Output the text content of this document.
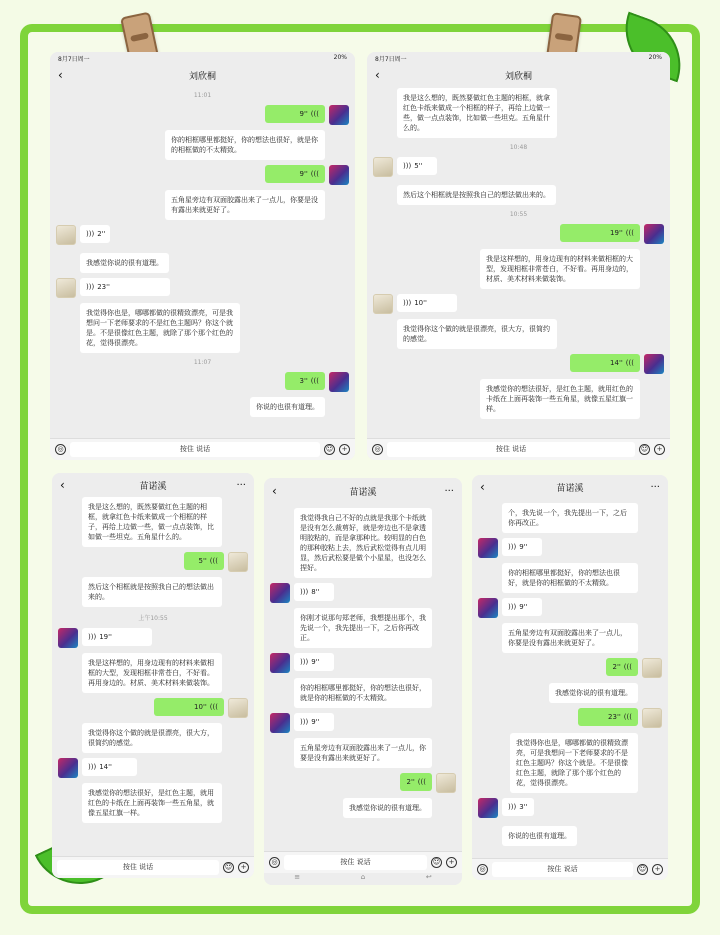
8月7日周一	20%
‹	刘欣桐
11:01
9'' (((
你的相框哪里都挺好，你的想法也很好，就是你的相框做的不太精致。
9'' (((
五角星旁边有双面胶露出来了一点儿，你要是没有露出来就更好了。
))) 2''
我感觉你说的很有道理。
))) 23''
我觉得你也是，哪哪都做的很精致漂亮，可是我想问一下老师要求的不是红色主题吗？你这个就是。不是很像红色主题，就除了那个那个红色的花，觉得很漂亮。
11:07
3'' (((
你说的也很有道理。
◎	按住 说话	☺	+
8月7日周一	20%
‹	刘欣桐
我是这么想的，既然要做红色主题的相框，就拿红色卡纸来做成一个相框的样子，再给上边做一些，做一点点装饰，比如做一些坦克。五角星什么的。
10:48
))) 5''
然后这个相框就是按照我自己的想法做出来的。
10:55
19'' (((
我是这样想的，用身边现有的材料来做相框的大型，发现相框非常苍白，不好看。再用身边的，材质、美术材料来做装饰。
))) 10''
我觉得你这个做的就是很漂亮，很大方，很简约的感觉。
14'' (((
我感觉你的想法很好，是红色主题，就用红色的卡纸在上面再装饰一些五角星，就像五星红旗一样。
◎	按住 说话	☺	+
‹	苗诺溪	···
我是这么想的，既然要做红色主题的相框，就拿红色卡纸来做成一个相框的样子，再给上边做一些，做一点点装饰，比如做一些坦克。五角星什么的。
5'' (((
然后这个相框就是按照我自己的想法做出来的。
上午10:55
))) 19''
我是这样想的，用身边现有的材料来做相框的大型，发现相框非常苍白，不好看。再用身边的。材质、美术材料来做装饰。
10'' (((
我觉得你这个做的就是很漂亮，很大方，很简约的感觉。
))) 14''
我感觉你的想法很好，是红色主题，就用红色的卡纸在上面再装饰一些五角星，就像五星红旗一样。
按住 说话	☺	+
‹	苗诺溪	···
我觉得我自己不好的点就是我那个卡纸就是没有怎么裁剪好，就是旁边也不是拿透明胶粘的，而是拿那种比。较明显的白色的那种胶粘上去，然后武松觉得有点儿明显，然后武松要是做个小星星，也没怎么捏好。
))) 8''
你刚才说那句郑老师，我想提出那个，我先说一个，我先提出一下，之后你再改正。
))) 9''
你的相框哪里都挺好，你的想法也很好，就是你的相框做的不太精致。
))) 9''
五角星旁边有双面胶露出来了一点儿，你要是没有露出来就更好了。
2'' (((
我感觉你说的很有道理。
◎	按住 说话	☺	+
≡	⌂	↩
‹	苗诺溪	···
个，我先说一个，我先提出一下，之后你再改正。
))) 9''
你的相框哪里都挺好，你的想法也很好，就是你的相框做的不太精致。
))) 9''
五角星旁边有双面胶露出来了一点儿，你要是没有露出来就更好了。
2'' (((
我感觉你说的很有道理。
23'' (((
我觉得你也是，哪哪都做的很精致漂亮，可是我想问一下老师要求的不是红色主题吗？你这个就是。不是很像红色主题，就除了那个那个红色的花，觉得很漂亮。
))) 3''
你说的也很有道理。
◎	按住 说话	☺	+
